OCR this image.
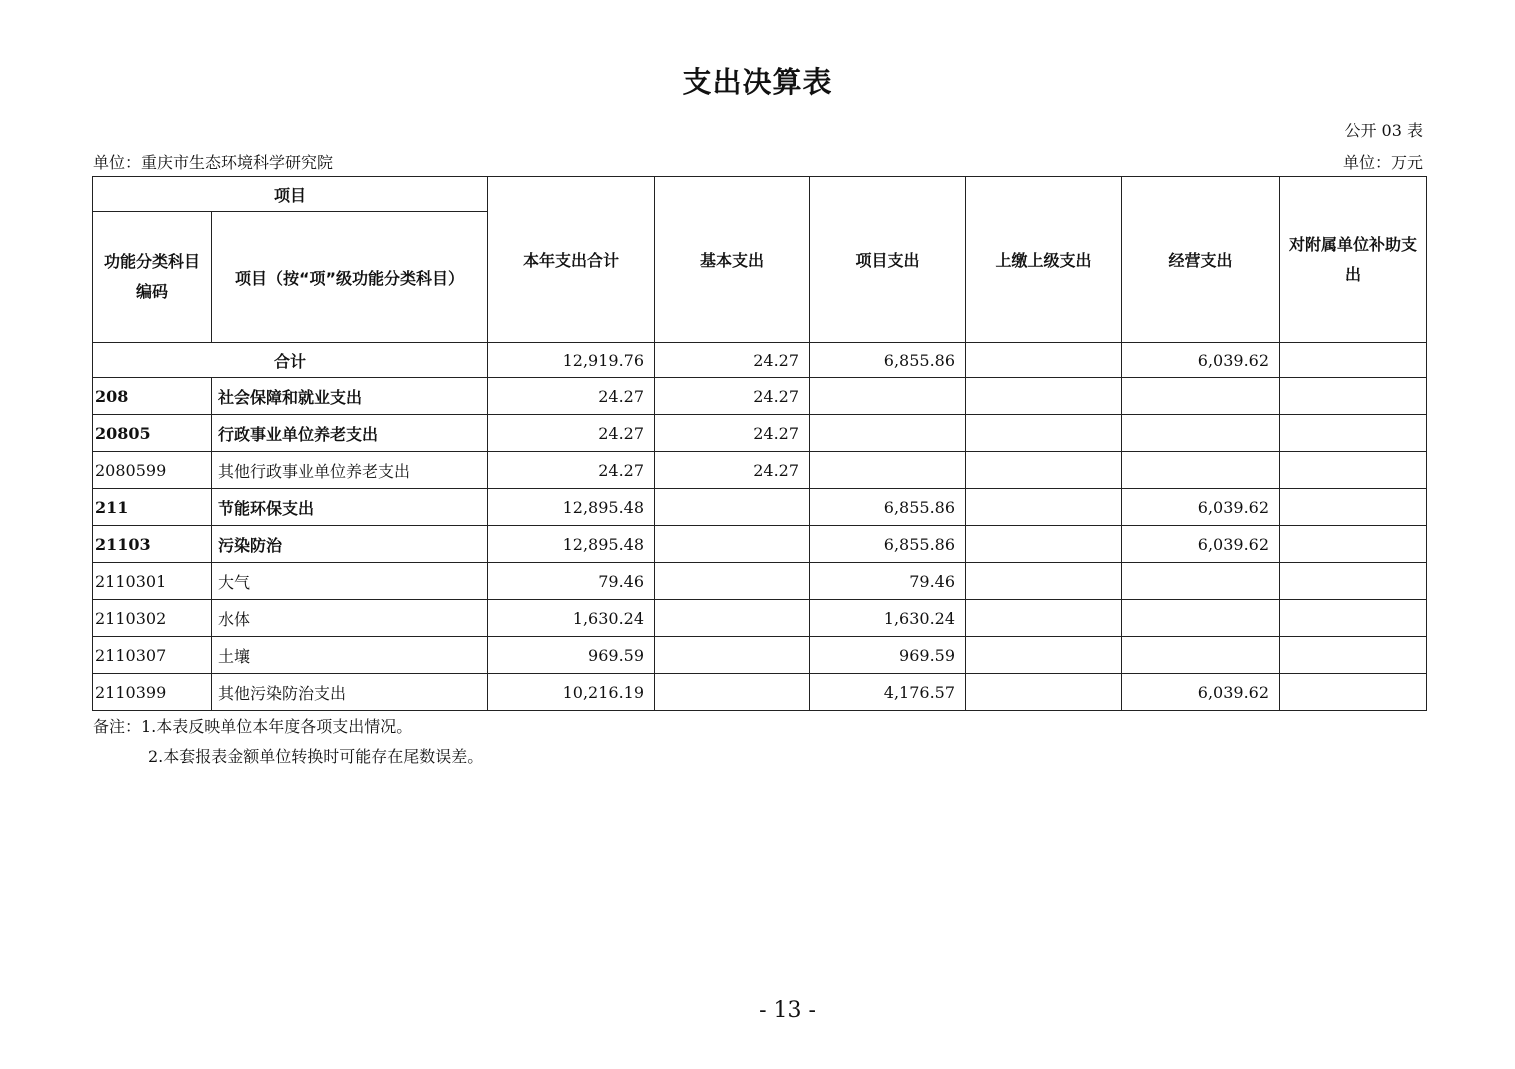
支出决算表
公开 03 表
单位：重庆市生态环境科学研究院	单位：万元
项目		本年支出合计	基本支出	项目支出	上缴上级支出	经营支出	对附属单位补助支出
功能分类科目编码	项目（按“项”级功能分类科目）						
合计		12,919.76	24.27	6,855.86		6,039.62	
208	社会保障和就业支出	24.27	24.27				
20805	行政事业单位养老支出	24.27	24.27				
2080599	其他行政事业单位养老支出	24.27	24.27				
211	节能环保支出	12,895.48		6,855.86		6,039.62	
21103	污染防治	12,895.48		6,855.86		6,039.62	
2110301	大气	79.46		79.46			
2110302	水体	1,630.24		1,630.24			
2110307	土壤	969.59		969.59			
2110399	其他污染防治支出	10,216.19		4,176.57		6,039.62	
备注：1.本表反映单位本年度各项支出情况。
2.本套报表金额单位转换时可能存在尾数误差。
- 13 -
